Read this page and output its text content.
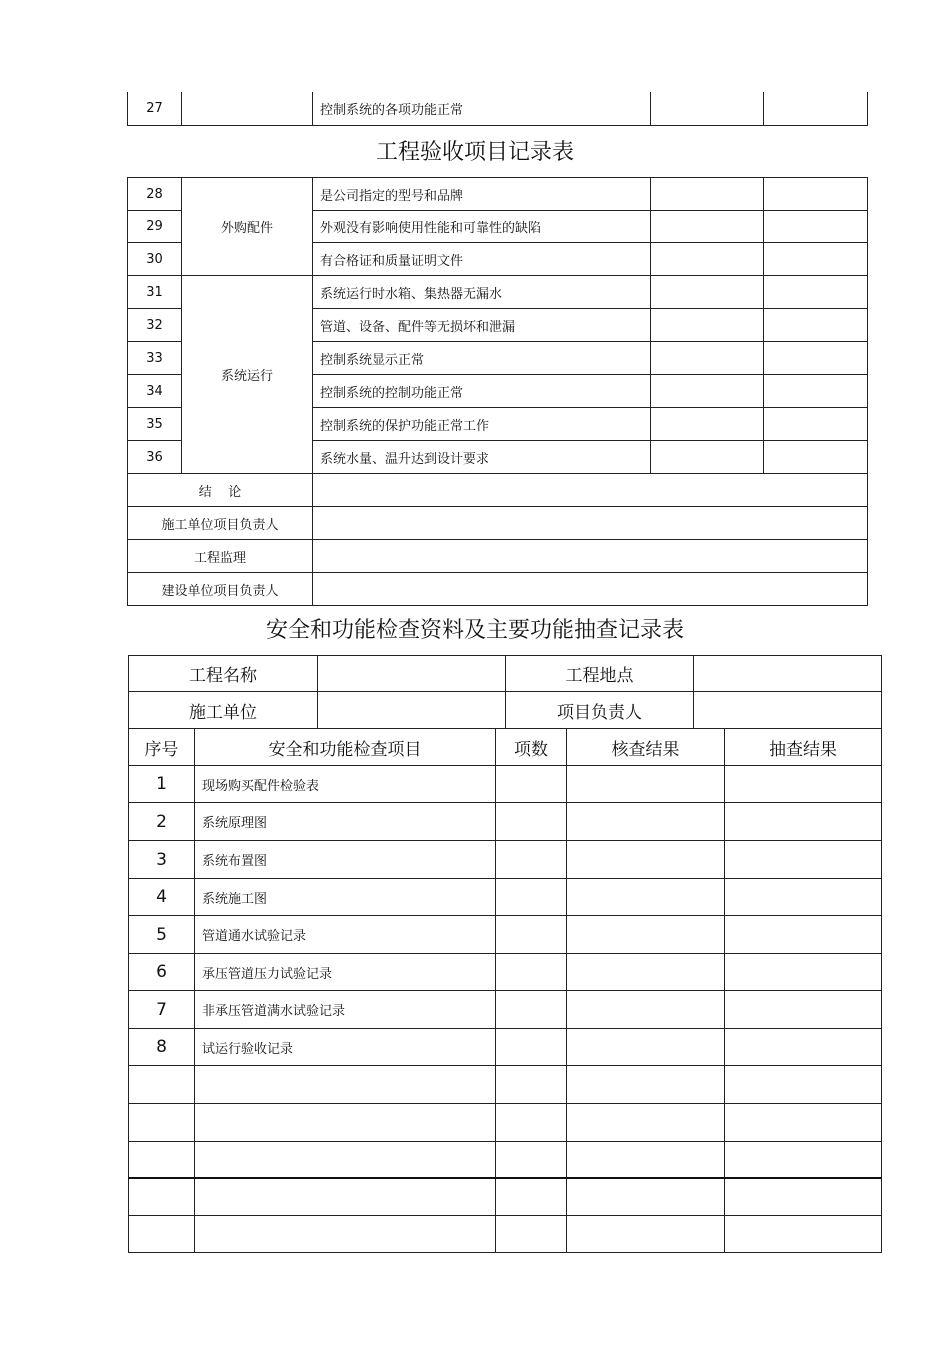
27		控制系统的各项功能正常		
工程验收项目记录表
28	外购配件	是公司指定的型号和品牌		
29		外观没有影响使用性能和可靠性的缺陷		
30		有合格证和质量证明文件		
31	系统运行	系统运行时水箱、集热器无漏水		
32		管道、设备、配件等无损坏和泄漏		
33		控制系统显示正常		
34		控制系统的控制功能正常		
35		控制系统的保护功能正常工作		
36		系统水量、温升达到设计要求		
结    论				
施工单位项目负责人				
工程监理				
建设单位项目负责人				
安全和功能检查资料及主要功能抽查记录表
工程名称		工程地点	
施工单位		项目负责人	
序号	安全和功能检查项目	项数	核查结果	抽查结果
1	现场购买配件检验表			
2	系统原理图			
3	系统布置图			
4	系统施工图			
5	管道通水试验记录			
6	承压管道压力试验记录			
7	非承压管道满水试验记录			
8	试运行验收记录			
